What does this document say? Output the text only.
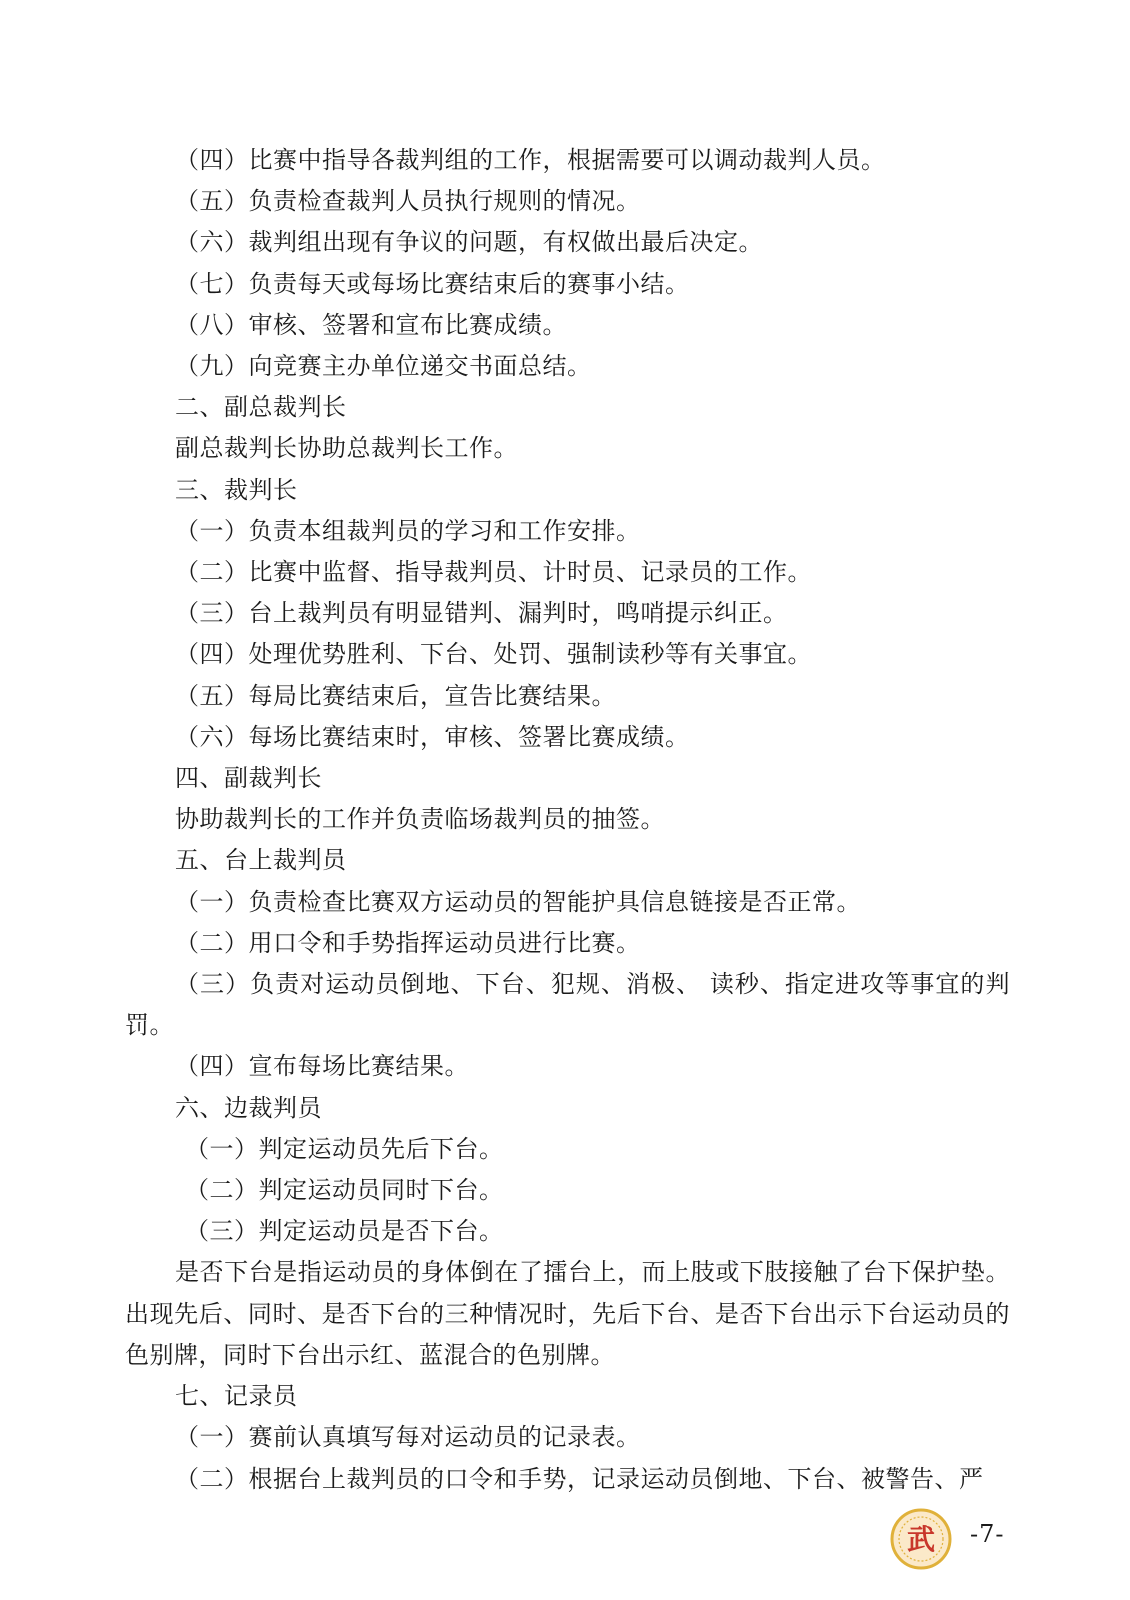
（四）比赛中指导各裁判组的工作，根据需要可以调动裁判人员。

（五）负责检查裁判人员执行规则的情况。

（六）裁判组出现有争议的问题，有权做出最后决定。

（七）负责每天或每场比赛结束后的赛事小结。

（八）审核、签署和宣布比赛成绩。

（九）向竞赛主办单位递交书面总结。

二、副总裁判长

副总裁判长协助总裁判长工作。

三、裁判长

（一）负责本组裁判员的学习和工作安排。

（二）比赛中监督、指导裁判员、计时员、记录员的工作。

（三）台上裁判员有明显错判、漏判时，鸣哨提示纠正。

（四）处理优势胜利、下台、处罚、强制读秒等有关事宜。

（五）每局比赛结束后，宣告比赛结果。

（六）每场比赛结束时，审核、签署比赛成绩。

四、副裁判长

协助裁判长的工作并负责临场裁判员的抽签。

五、台上裁判员

（一）负责检查比赛双方运动员的智能护具信息链接是否正常。

（二）用口令和手势指挥运动员进行比赛。

（三）负责对运动员倒地、下台、犯规、消极、 读秒、指定进攻等事宜的判罚。

（四）宣布每场比赛结果。

六、边裁判员

（一）判定运动员先后下台。

（二）判定运动员同时下台。

（三）判定运动员是否下台。

是否下台是指运动员的身体倒在了擂台上，而上肢或下肢接触了台下保护垫。出现先后、同时、是否下台的三种情况时，先后下台、是否下台出示下台运动员的色别牌，同时下台出示红、蓝混合的色别牌。

七、记录员

（一）赛前认真填写每对运动员的记录表。

（二）根据台上裁判员的口令和手势，记录运动员倒地、下台、被警告、严

武 -7-
